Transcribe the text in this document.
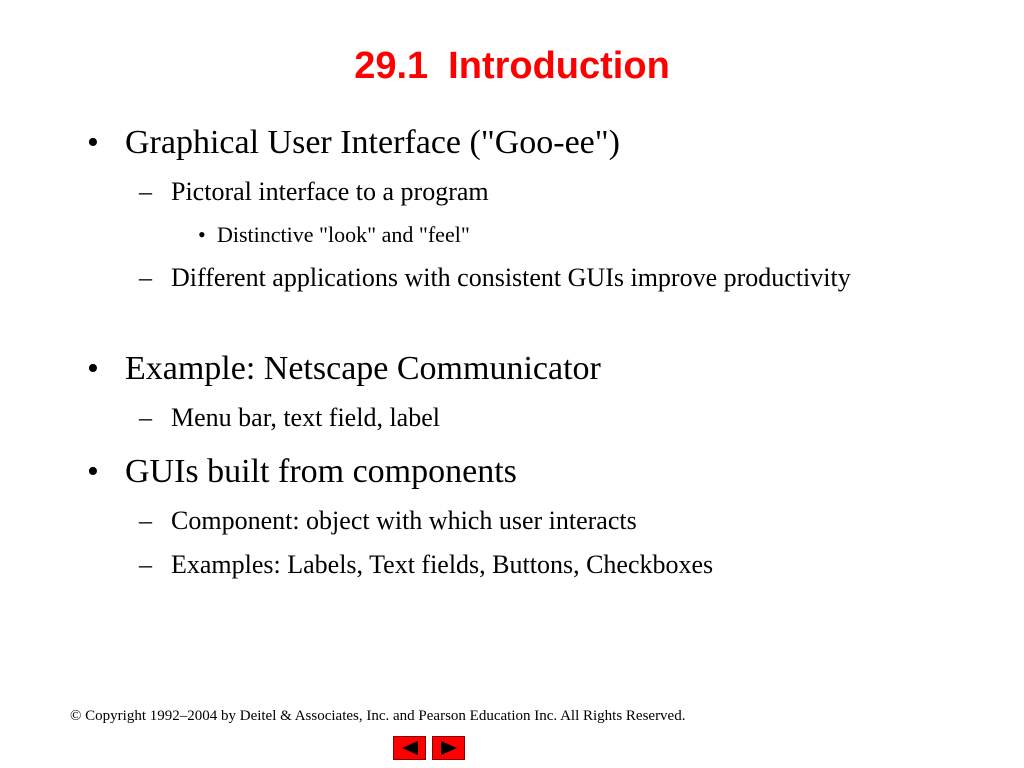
29.1 Introduction
• Graphical User Interface ("Goo-ee")
– Pictoral interface to a program
• Distinctive "look" and "feel"
– Different applications with consistent GUIs improve productivity
• Example: Netscape Communicator
– Menu bar, text field, label
• GUIs built from components
– Component: object with which user interacts
– Examples: Labels, Text fields, Buttons, Checkboxes
© Copyright 1992–2004 by Deitel & Associates, Inc. and Pearson Education Inc. All Rights Reserved.
